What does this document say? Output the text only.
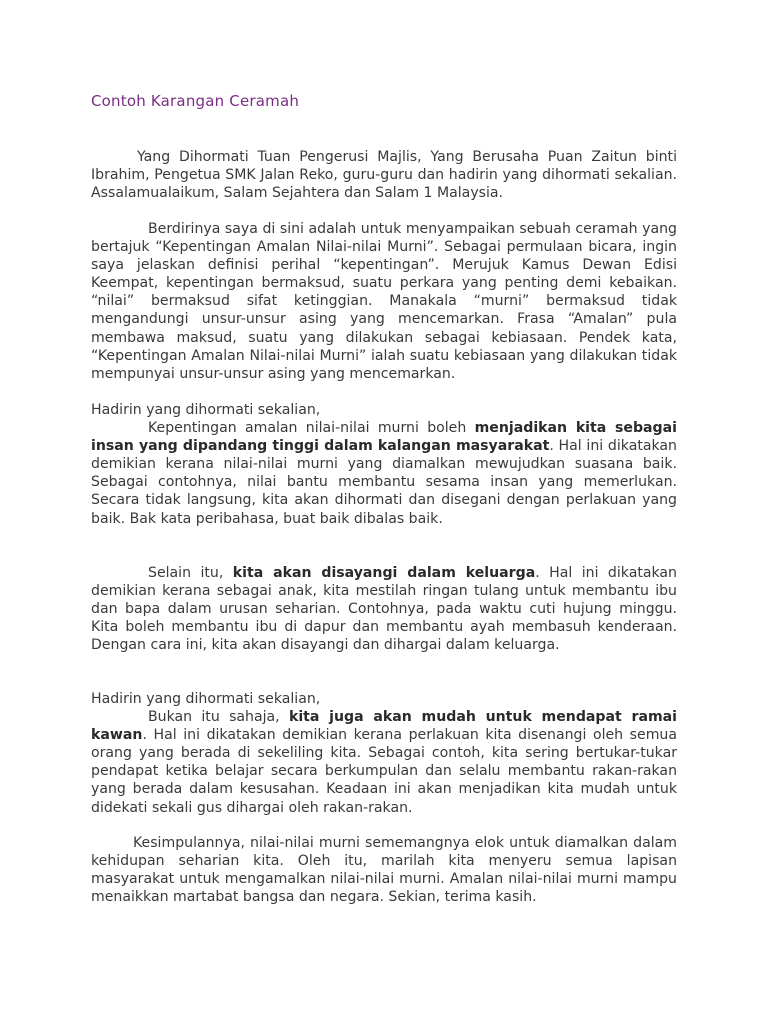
Contoh Karangan Ceramah

Yang Dihormati Tuan Pengerusi Majlis, Yang Berusaha Puan Zaitun binti Ibrahim, Pengetua SMK Jalan Reko, guru-guru dan hadirin yang dihormati sekalian. Assalamualaikum, Salam Sejahtera dan Salam 1 Malaysia.

Berdirinya saya di sini adalah untuk menyampaikan sebuah ceramah yang bertajuk “Kepentingan Amalan Nilai-nilai Murni”. Sebagai permulaan bicara, ingin saya jelaskan definisi perihal “kepentingan”. Merujuk Kamus Dewan Edisi Keempat, kepentingan bermaksud, suatu perkara yang penting demi kebaikan. “nilai” bermaksud sifat ketinggian. Manakala “murni” bermaksud tidak mengandungi unsur-unsur asing yang mencemarkan. Frasa “Amalan” pula membawa maksud, suatu yang dilakukan sebagai kebiasaan. Pendek kata, “Kepentingan Amalan Nilai-nilai Murni” ialah suatu kebiasaan yang dilakukan tidak mempunyai unsur-unsur asing yang mencemarkan.

Hadirin yang dihormati sekalian,
Kepentingan amalan nilai-nilai murni boleh menjadikan kita sebagai insan yang dipandang tinggi dalam kalangan masyarakat. Hal ini dikatakan demikian kerana nilai-nilai murni yang diamalkan mewujudkan suasana baik. Sebagai contohnya, nilai bantu membantu sesama insan yang memerlukan. Secara tidak langsung, kita akan dihormati dan disegani dengan perlakuan yang baik. Bak kata peribahasa, buat baik dibalas baik.

Selain itu, kita akan disayangi dalam keluarga. Hal ini dikatakan demikian kerana sebagai anak, kita mestilah ringan tulang untuk membantu ibu dan bapa dalam urusan seharian. Contohnya, pada waktu cuti hujung minggu. Kita boleh membantu ibu di dapur dan membantu ayah membasuh kenderaan. Dengan cara ini, kita akan disayangi dan dihargai dalam keluarga.

Hadirin yang dihormati sekalian,
Bukan itu sahaja, kita juga akan mudah untuk mendapat ramai kawan. Hal ini dikatakan demikian kerana perlakuan kita disenangi oleh semua orang yang berada di sekeliling kita. Sebagai contoh, kita sering bertukar-tukar pendapat ketika belajar secara berkumpulan dan selalu membantu rakan-rakan yang berada dalam kesusahan. Keadaan ini akan menjadikan kita mudah untuk didekati sekali gus dihargai oleh rakan-rakan.

Kesimpulannya, nilai-nilai murni sememangnya elok untuk diamalkan dalam kehidupan seharian kita. Oleh itu, marilah kita menyeru semua lapisan masyarakat untuk mengamalkan nilai-nilai murni. Amalan nilai-nilai murni mampu menaikkan martabat bangsa dan negara. Sekian, terima kasih.
